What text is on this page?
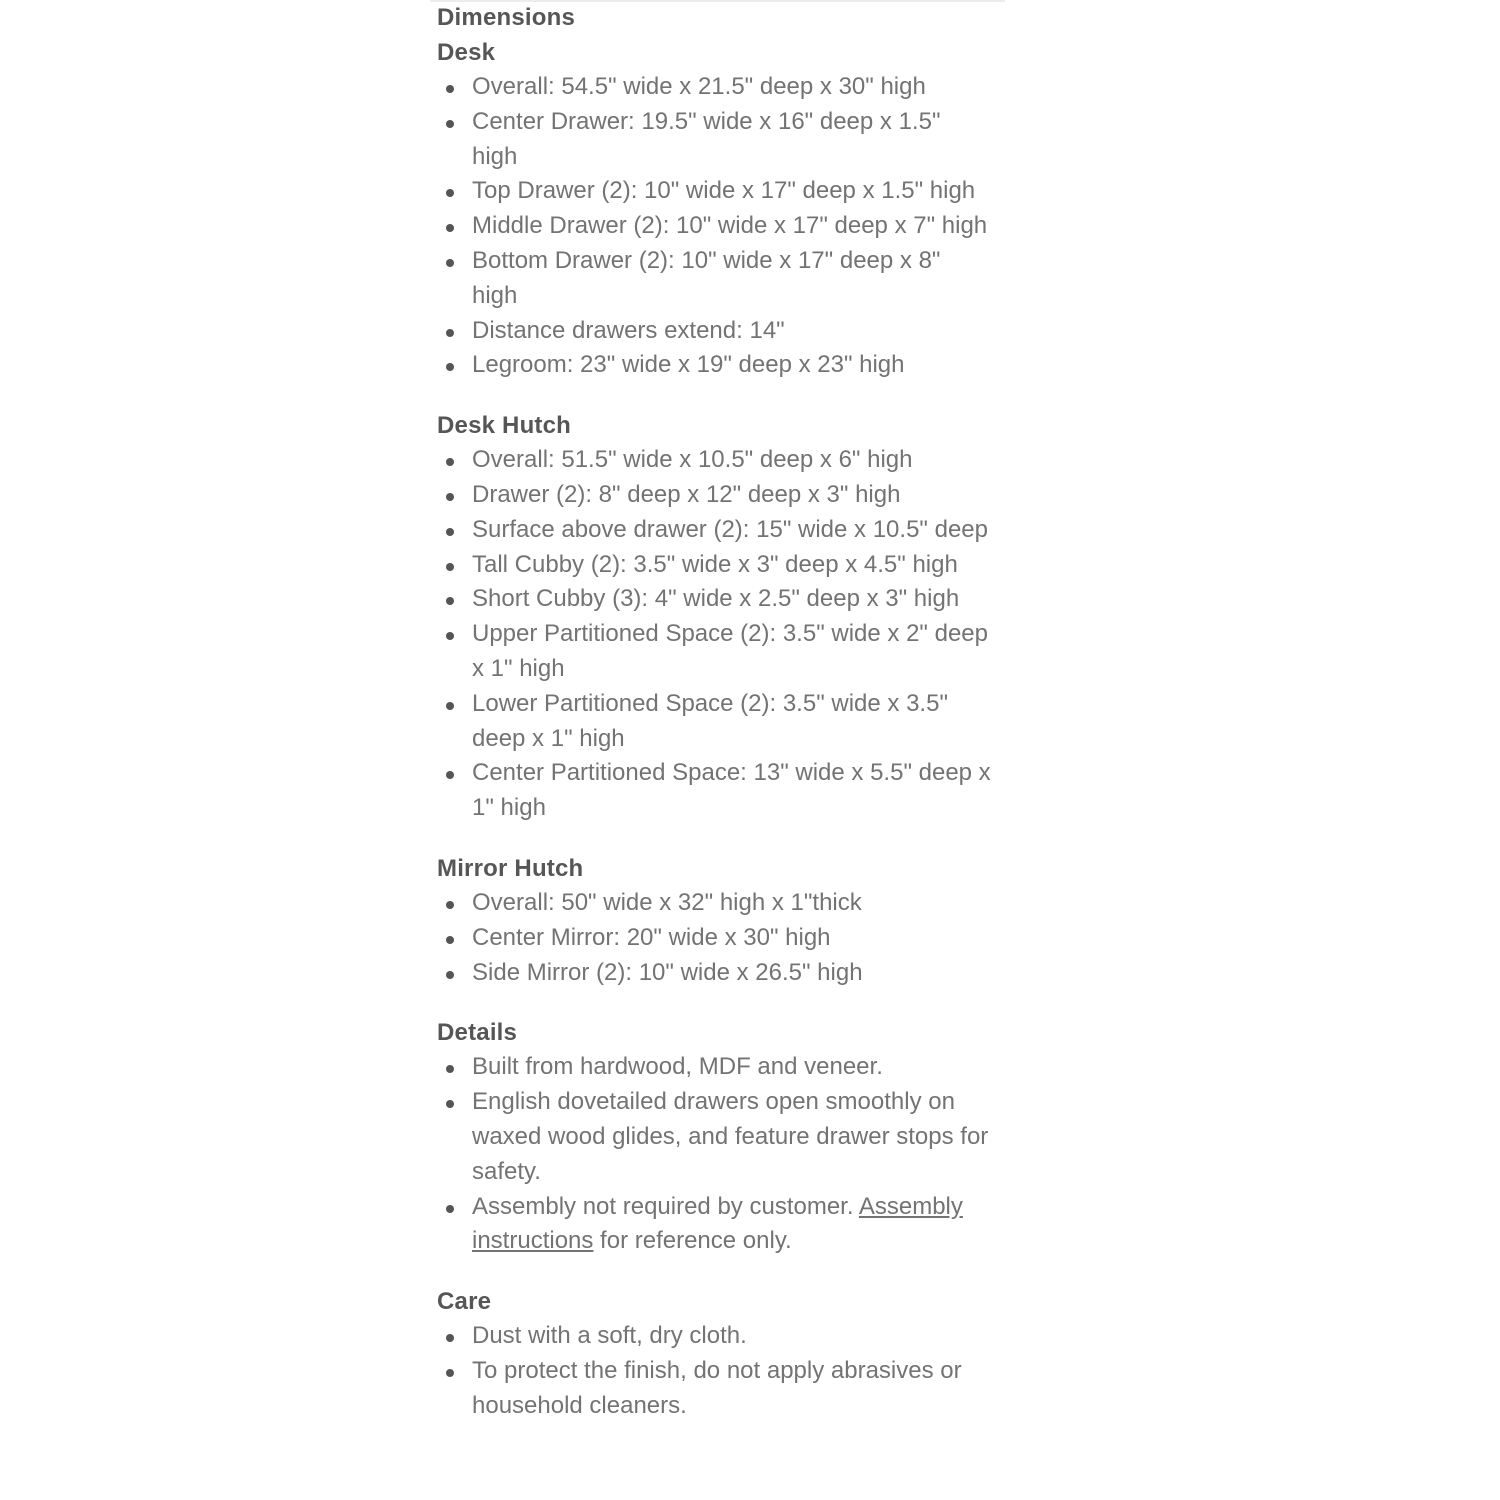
Dimensions
Desk
Overall: 54.5" wide x 21.5" deep x 30" high
Center Drawer: 19.5" wide x 16" deep x 1.5" high
Top Drawer (2): 10" wide x 17" deep x 1.5" high
Middle Drawer (2): 10" wide x 17" deep x 7" high
Bottom Drawer (2): 10" wide x 17" deep x 8" high
Distance drawers extend: 14"
Legroom: 23" wide x 19" deep x 23" high
Desk Hutch
Overall: 51.5" wide x 10.5" deep x 6" high
Drawer (2): 8" deep x 12" deep x 3" high
Surface above drawer (2): 15" wide x 10.5" deep
Tall Cubby (2): 3.5" wide x 3" deep x 4.5" high
Short Cubby (3): 4" wide x 2.5" deep x 3" high
Upper Partitioned Space (2): 3.5" wide x 2" deep x 1" high
Lower Partitioned Space (2): 3.5" wide x 3.5" deep x 1" high
Center Partitioned Space: 13" wide x 5.5" deep x 1" high
Mirror Hutch
Overall: 50" wide x 32" high x 1"thick
Center Mirror: 20" wide x 30" high
Side Mirror (2): 10" wide x 26.5" high
Details
Built from hardwood, MDF and veneer.
English dovetailed drawers open smoothly on waxed wood glides, and feature drawer stops for safety.
Assembly not required by customer. Assembly instructions for reference only.
Care
Dust with a soft, dry cloth.
To protect the finish, do not apply abrasives or household cleaners.
